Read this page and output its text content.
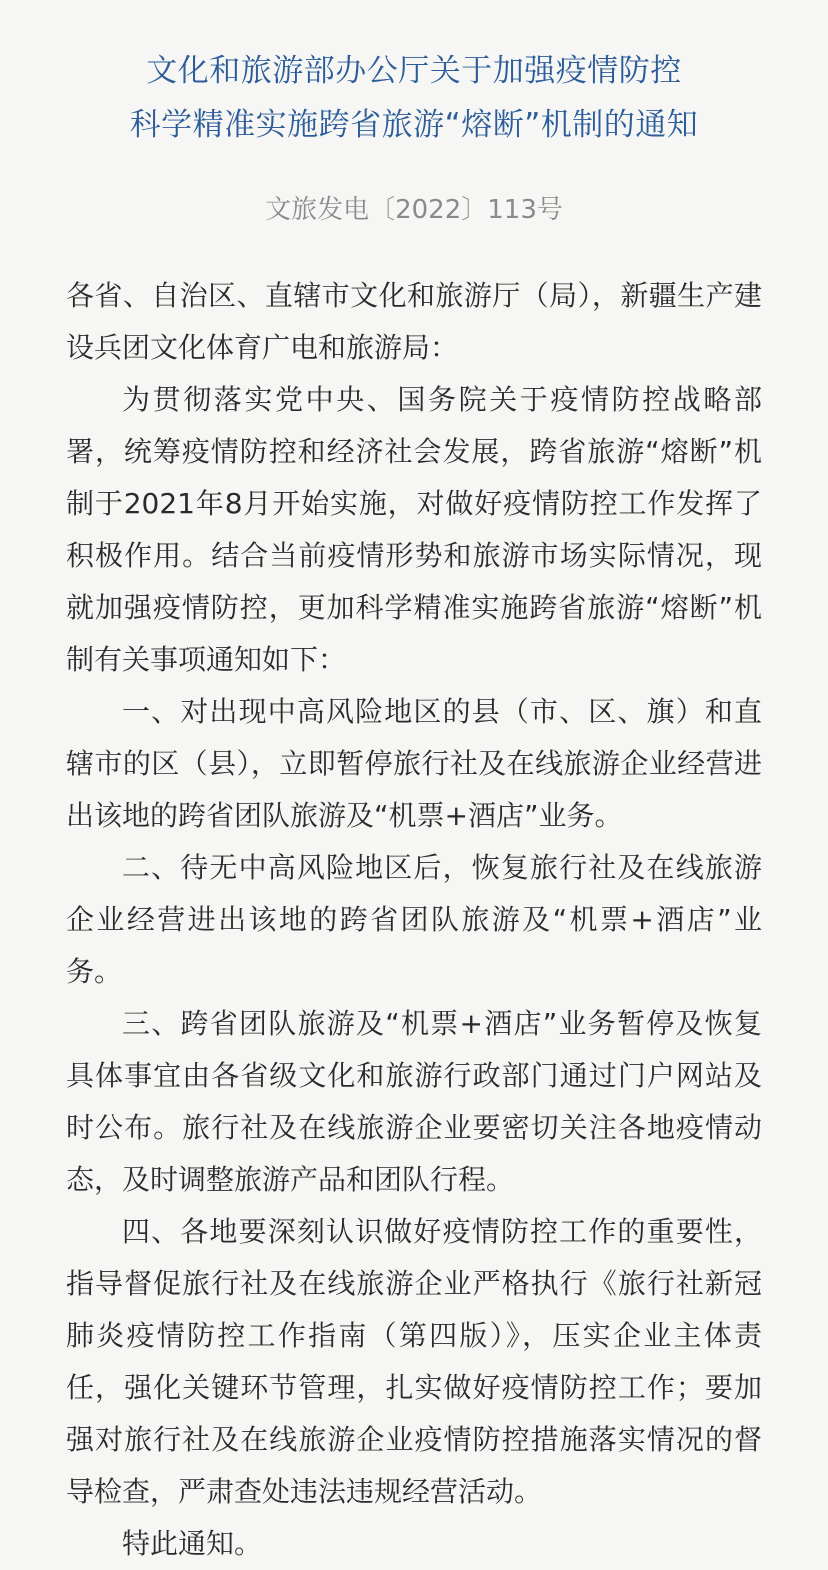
文化和旅游部办公厅关于加强疫情防控
科学精准实施跨省旅游“熔断”机制的通知
文旅发电〔2022〕113号

各省、自治区、直辖市文化和旅游厅（局），新疆生产建设兵团文化体育广电和旅游局：

为贯彻落实党中央、国务院关于疫情防控战略部署，统筹疫情防控和经济社会发展，跨省旅游“熔断”机制于2021年8月开始实施，对做好疫情防控工作发挥了积极作用。结合当前疫情形势和旅游市场实际情况，现就加强疫情防控，更加科学精准实施跨省旅游“熔断”机制有关事项通知如下：

一、对出现中高风险地区的县（市、区、旗）和直辖市的区（县），立即暂停旅行社及在线旅游企业经营进出该地的跨省团队旅游及“机票+酒店”业务。

二、待无中高风险地区后，恢复旅行社及在线旅游企业经营进出该地的跨省团队旅游及“机票+酒店”业务。

三、跨省团队旅游及“机票+酒店”业务暂停及恢复具体事宜由各省级文化和旅游行政部门通过门户网站及时公布。旅行社及在线旅游企业要密切关注各地疫情动态，及时调整旅游产品和团队行程。

四、各地要深刻认识做好疫情防控工作的重要性，指导督促旅行社及在线旅游企业严格执行《旅行社新冠肺炎疫情防控工作指南（第四版）》，压实企业主体责任，强化关键环节管理，扎实做好疫情防控工作；要加强对旅行社及在线旅游企业疫情防控措施落实情况的督导检查，严肃查处违法违规经营活动。

特此通知。
